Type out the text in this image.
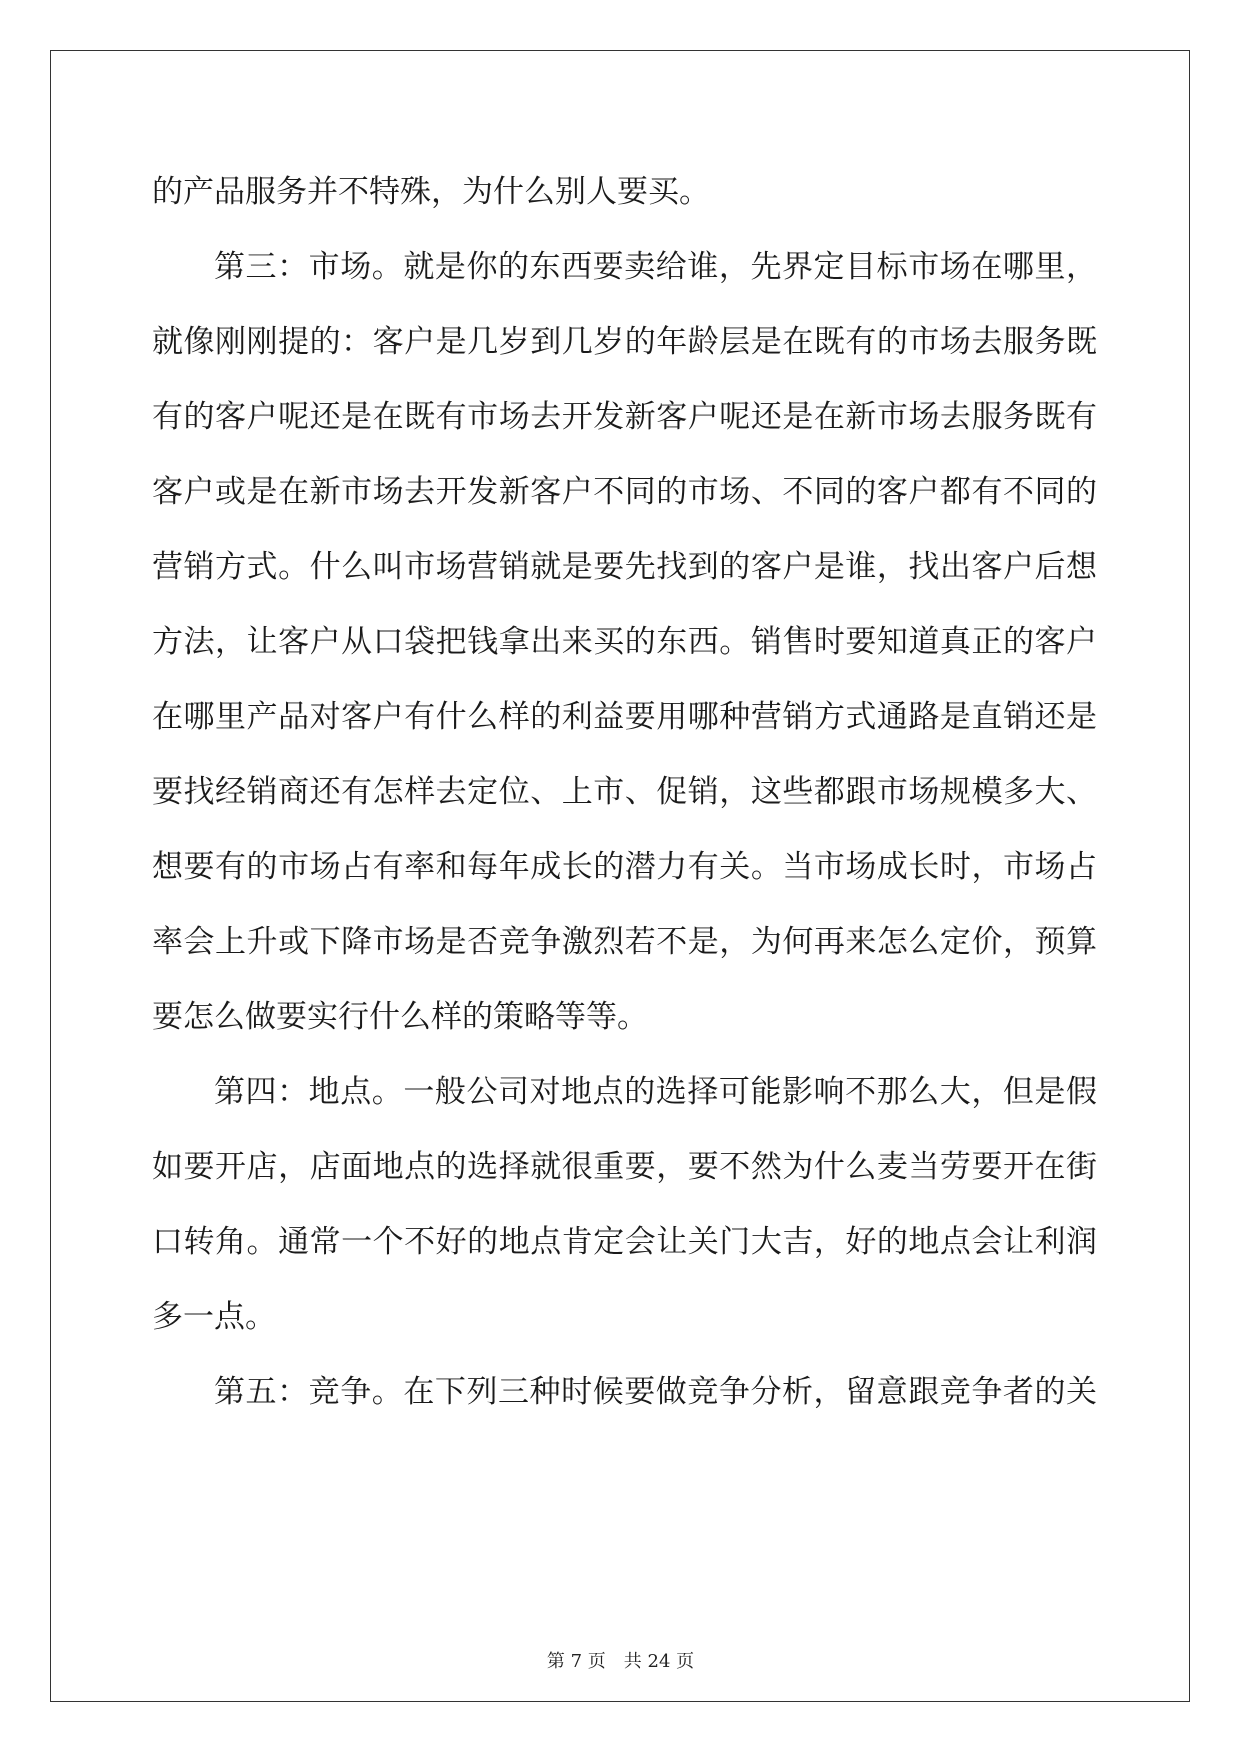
的产品服务并不特殊，为什么别人要买。
第三：市场。就是你的东西要卖给谁，先界定目标市场在哪里，
就像刚刚提的：客户是几岁到几岁的年龄层是在既有的市场去服务既
有的客户呢还是在既有市场去开发新客户呢还是在新市场去服务既有
客户或是在新市场去开发新客户不同的市场、不同的客户都有不同的
营销方式。什么叫市场营销就是要先找到的客户是谁，找出客户后想
方法，让客户从口袋把钱拿出来买的东西。销售时要知道真正的客户
在哪里产品对客户有什么样的利益要用哪种营销方式通路是直销还是
要找经销商还有怎样去定位、上市、促销，这些都跟市场规模多大、
想要有的市场占有率和每年成长的潜力有关。当市场成长时，市场占
率会上升或下降市场是否竞争激烈若不是，为何再来怎么定价，预算
要怎么做要实行什么样的策略等等。
第四：地点。一般公司对地点的选择可能影响不那么大，但是假
如要开店，店面地点的选择就很重要，要不然为什么麦当劳要开在街
口转角。通常一个不好的地点肯定会让关门大吉，好的地点会让利润
多一点。
第五：竞争。在下列三种时候要做竞争分析，留意跟竞争者的关
第 7 页　共 24 页
